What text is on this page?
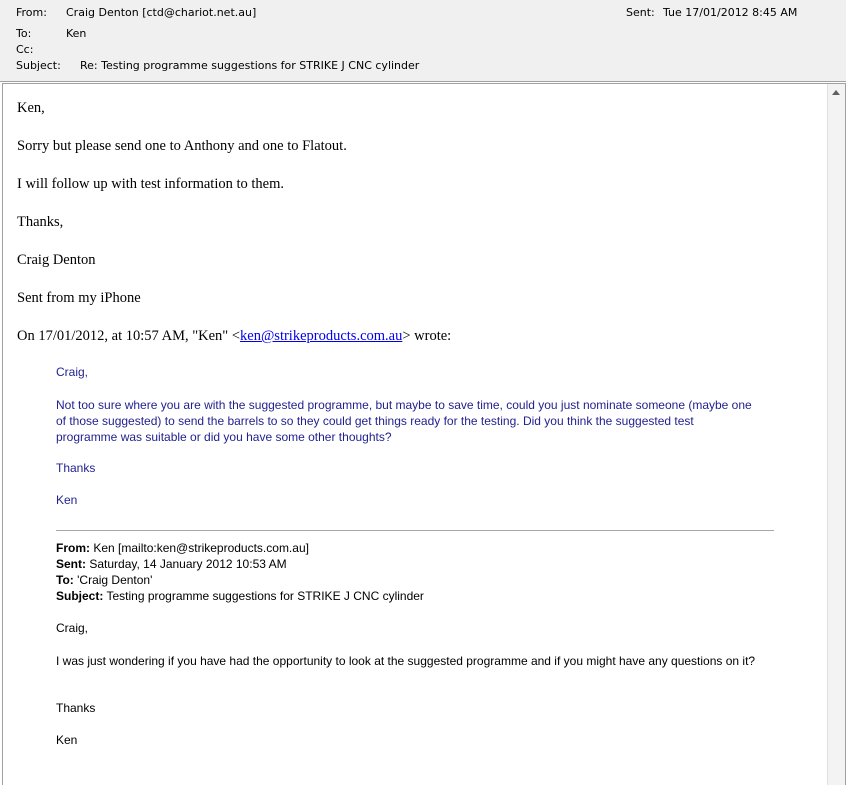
From: Craig Denton [ctd@chariot.net.au]	Sent: Tue 17/01/2012 8:45 AM
To:	Ken
Cc:
Subject: Re: Testing programme suggestions for STRIKE J CNC cylinder
Ken,
Sorry but please send one to Anthony and one to Flatout.
I will follow up with test information to them.
Thanks,
Craig Denton
Sent from my iPhone
On 17/01/2012, at 10:57 AM, "Ken" <ken@strikeproducts.com.au> wrote:
Craig,

Not too sure where you are with the suggested programme, but maybe to save time, could you just nominate someone (maybe one of those suggested) to send the barrels to so they could get things ready for the testing. Did you think the suggested test programme was suitable or did you have some other thoughts?

Thanks
Ken
From: Ken [mailto:ken@strikeproducts.com.au]
Sent: Saturday, 14 January 2012 10:53 AM
To: 'Craig Denton'
Subject: Testing programme suggestions for STRIKE J CNC cylinder
Craig,

I was just wondering if you have had the opportunity to look at the suggested programme and if you might have any questions on it?

Thanks
Ken
